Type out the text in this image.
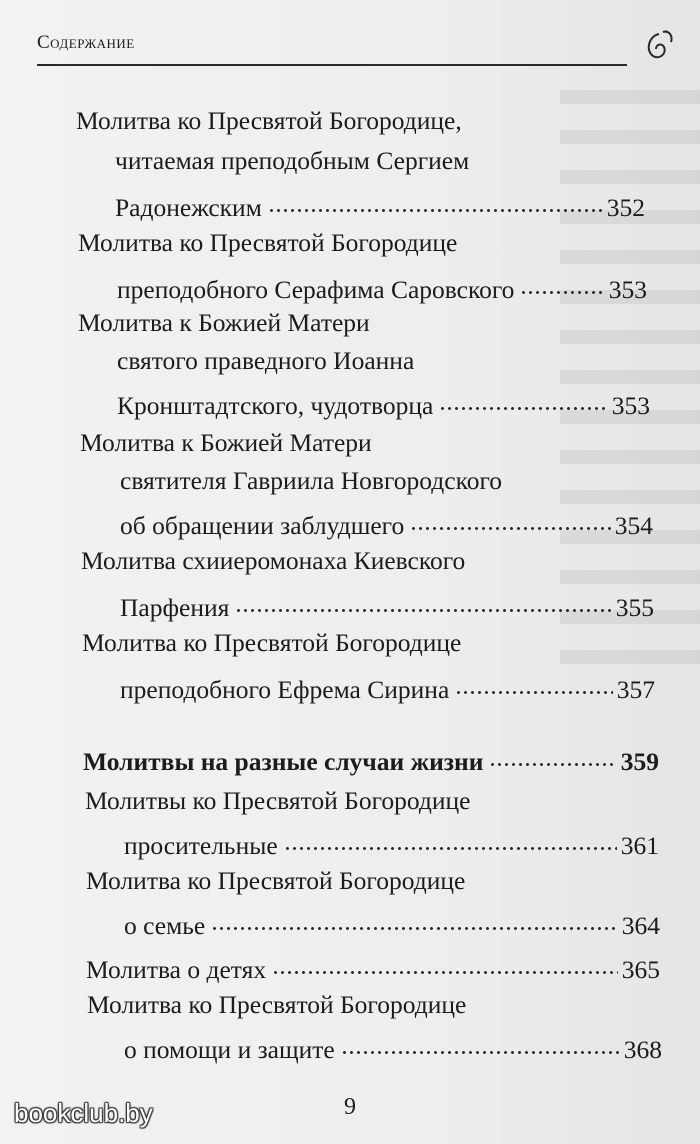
Содержание
Молитва ко Пресвятой Богородице,
читаемая преподобным Сергием
Радонежским	352
Молитва ко Пресвятой Богородице
преподобного Серафима Саровского	353
Молитва к Божией Матери
святого праведного Иоанна
Кронштадтского, чудотворца	353
Молитва к Божией Матери
святителя Гавриила Новгородского
об обращении заблудшего	354
Молитва схииеромонаха Киевского
Парфения	355
Молитва ко Пресвятой Богородице
преподобного Ефрема Сирина	357
Молитвы на разные случаи жизни	359
Молитвы ко Пресвятой Богородице
просительные	361
Молитва ко Пресвятой Богородице
о семье	364
Молитва о детях	365
Молитва ко Пресвятой Богородице
о помощи и защите	368
9
bookclub.by
